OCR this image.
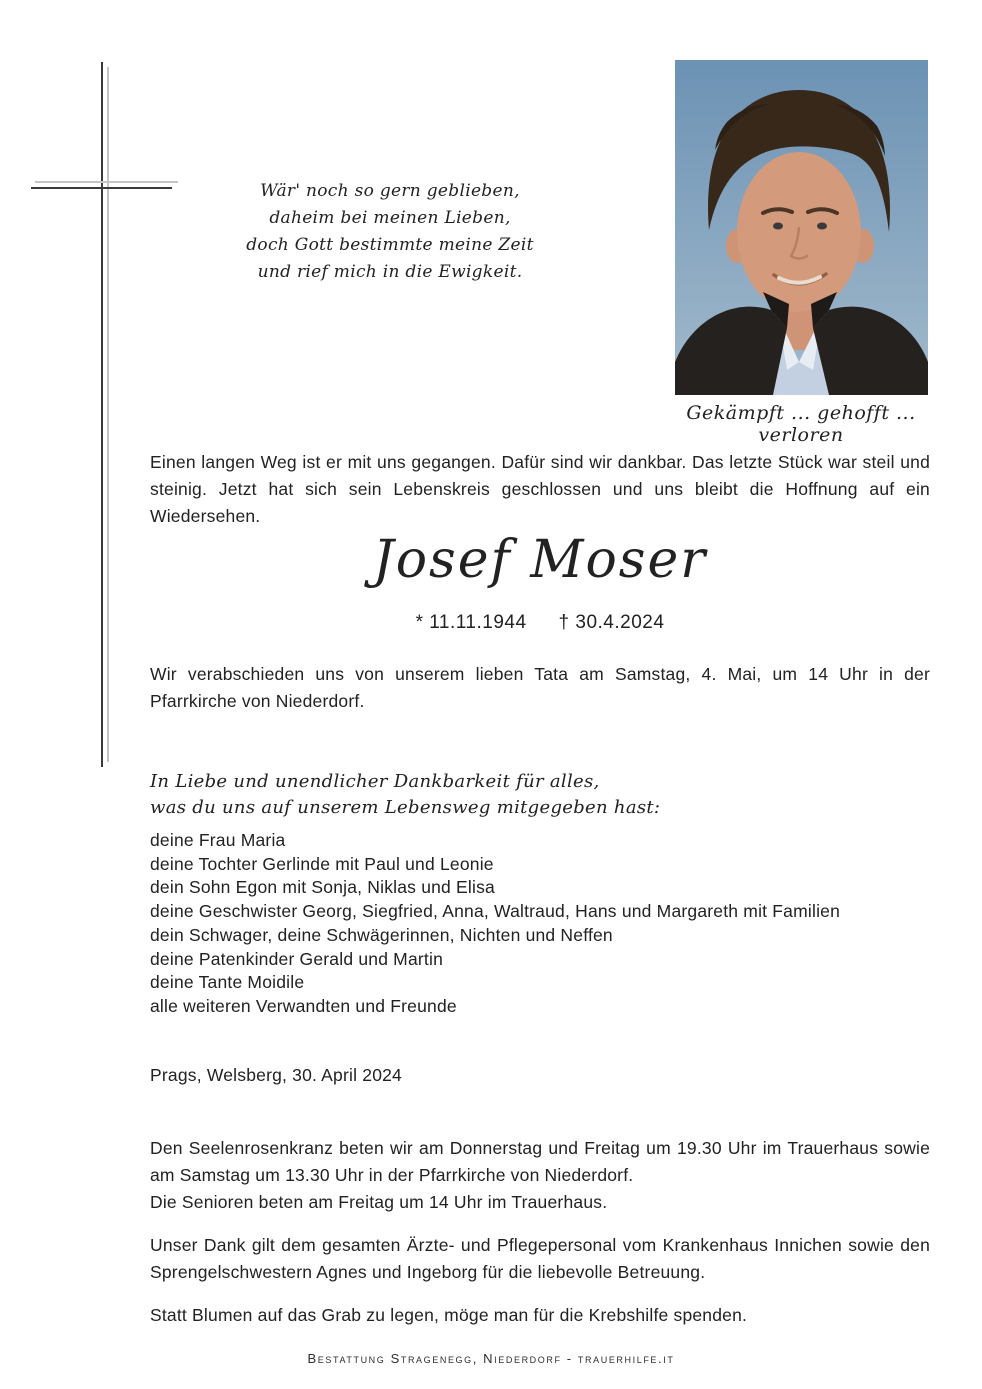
Wär' noch so gern geblieben,
daheim bei meinen Lieben,
doch Gott bestimmte meine Zeit
und rief mich in die Ewigkeit.
Gekämpft ... gehofft ... verloren

Einen langen Weg ist er mit uns gegangen. Dafür sind wir dankbar. Das letzte Stück war steil und steinig. Jetzt hat sich sein Lebenskreis geschlossen und uns bleibt die Hoffnung auf ein Wiedersehen.

Josef Moser
* 11.11.1944 † 30.4.2024

Wir verabschieden uns von unserem lieben Tata am Samstag, 4. Mai, um 14 Uhr in der Pfarrkirche von Niederdorf.

In Liebe und unendlicher Dankbarkeit für alles,
was du uns auf unserem Lebensweg mitgegeben hast:
deine Frau Maria
deine Tochter Gerlinde mit Paul und Leonie
dein Sohn Egon mit Sonja, Niklas und Elisa
deine Geschwister Georg, Siegfried, Anna, Waltraud, Hans und Margareth mit Familien
dein Schwager, deine Schwägerinnen, Nichten und Neffen
deine Patenkinder Gerald und Martin
deine Tante Moidile
alle weiteren Verwandten und Freunde

Prags, Welsberg, 30. April 2024

Den Seelenrosenkranz beten wir am Donnerstag und Freitag um 19.30 Uhr im Trauerhaus sowie am Samstag um 13.30 Uhr in der Pfarrkirche von Niederdorf.

Die Senioren beten am Freitag um 14 Uhr im Trauerhaus.

Unser Dank gilt dem gesamten Ärzte- und Pflegepersonal vom Krankenhaus Innichen sowie den Sprengelschwestern Agnes und Ingeborg für die liebevolle Betreuung.

Statt Blumen auf das Grab zu legen, möge man für die Krebshilfe spenden.

Bestattung Stragenegg, Niederdorf - trauerhilfe.it
